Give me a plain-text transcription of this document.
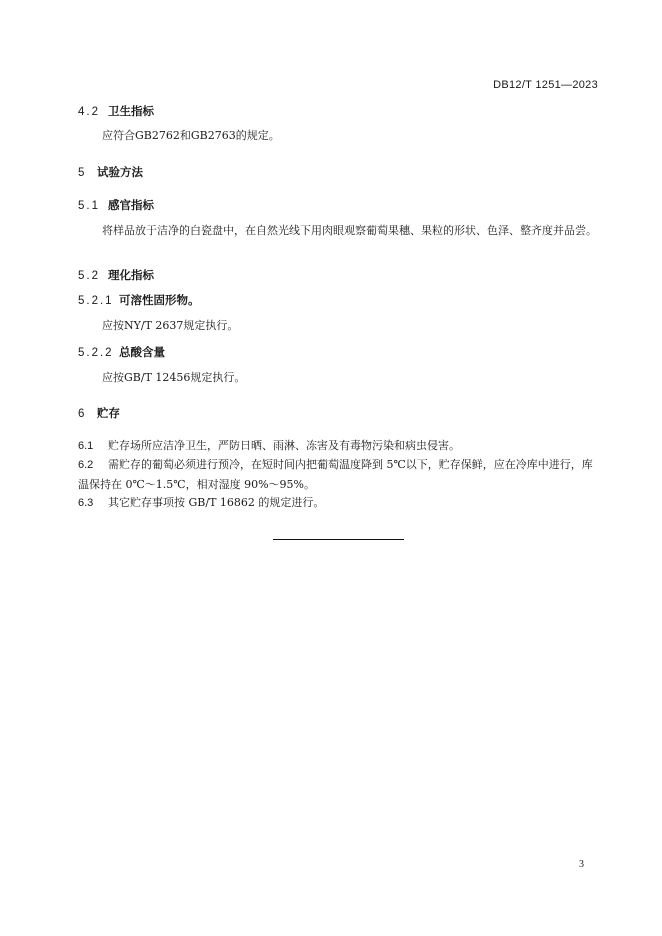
DB12/T 1251—2023
4.2 卫生指标
应符合GB2762和GB2763的规定。
5 试验方法
5.1 感官指标
将样品放于洁净的白瓷盘中，在自然光线下用肉眼观察葡萄果穗、果粒的形状、色泽、整齐度并品尝。
5.2 理化指标
5.2.1 可溶性固形物。
应按NY/T 2637规定执行。
5.2.2 总酸含量
应按GB/T 12456规定执行。
6 贮存
6.1 贮存场所应洁净卫生，严防日晒、雨淋、冻害及有毒物污染和病虫侵害。
6.2 需贮存的葡萄必须进行预冷，在短时间内把葡萄温度降到 5℃以下，贮存保鲜，应在冷库中进行，库温保持在 0℃～1.5℃，相对湿度 90%～95%。
6.3 其它贮存事项按 GB/T 16862 的规定进行。
3
